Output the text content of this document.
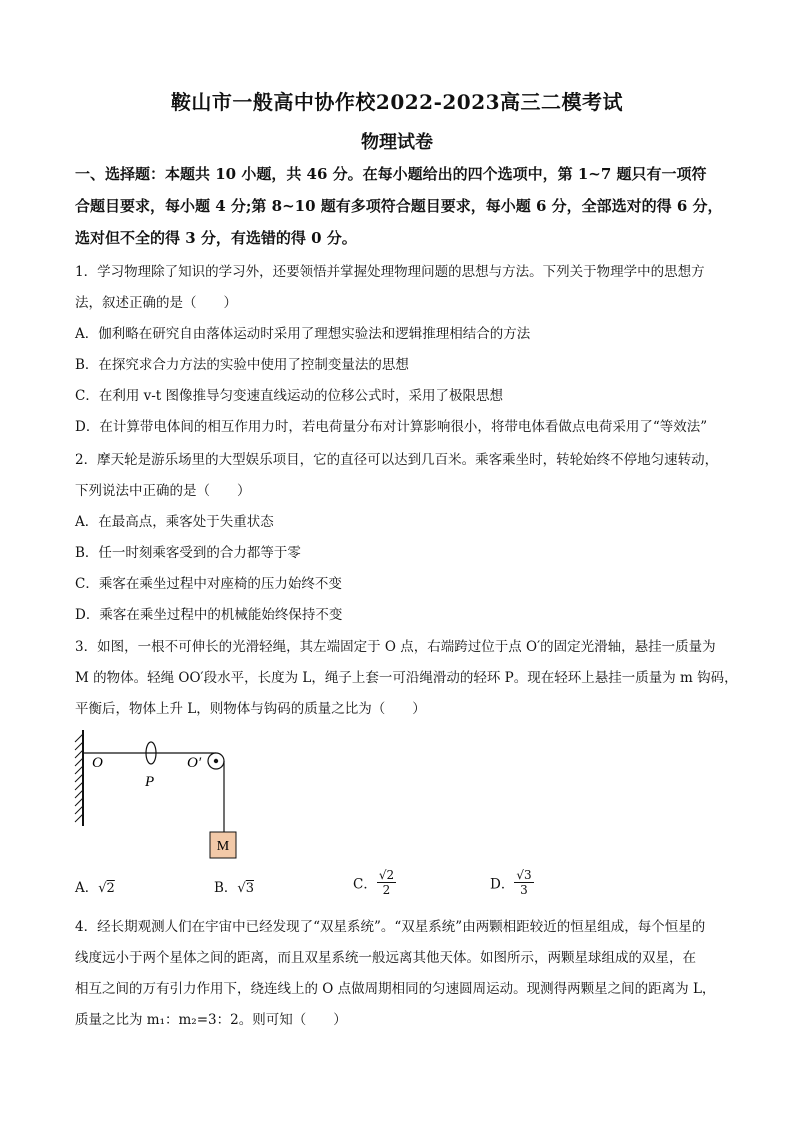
鞍山市一般高中协作校2022-2023高三二模考试
物理试卷
一、选择题：本题共 10 小题，共 46 分。在每小题给出的四个选项中，第 1~7 题只有一项符
合题目要求，每小题 4 分;第 8~10 题有多项符合题目要求，每小题 6 分，全部选对的得 6 分，
选对但不全的得 3 分，有选错的得 0 分。
1．学习物理除了知识的学习外，还要领悟并掌握处理物理问题的思想与方法。下列关于物理学中的思想方
法，叙述正确的是（　　）
A．伽利略在研究自由落体运动时采用了理想实验法和逻辑推理相结合的方法
B．在探究求合力方法的实验中使用了控制变量法的思想
C．在利用 v-t 图像推导匀变速直线运动的位移公式时，采用了极限思想
D．在计算带电体间的相互作用力时，若电荷量分布对计算影响很小，将带电体看做点电荷采用了“等效法”
2．摩天轮是游乐场里的大型娱乐项目，它的直径可以达到几百米。乘客乘坐时，转轮始终不停地匀速转动，
下列说法中正确的是（　　）
A．在最高点，乘客处于失重状态
B．任一时刻乘客受到的合力都等于零
C．乘客在乘坐过程中对座椅的压力始终不变
D．乘客在乘坐过程中的机械能始终保持不变
3．如图，一根不可伸长的光滑轻绳，其左端固定于 O 点，右端跨过位于点 O′的固定光滑轴，悬挂一质量为
M 的物体。轻绳 OO′段水平，长度为 L，绳子上套一可沿绳滑动的轻环 P。现在轻环上悬挂一质量为 m 钩码，
平衡后，物体上升 L，则物体与钩码的质量之比为（　　）
M
O
P
O′
A．√2	B．√3	C． $\frac{√2}{2}$	D． $\frac{√3}{3}$
4．经长期观测人们在宇宙中已经发现了“双星系统”。“双星系统”由两颗相距较近的恒星组成，每个恒星的
线度远小于两个星体之间的距离，而且双星系统一般远离其他天体。如图所示，两颗星球组成的双星，在
相互之间的万有引力作用下，绕连线上的 O 点做周期相同的匀速圆周运动。现测得两颗星之间的距离为 L，
质量之比为 m₁：m₂=3：2。则可知（　　）
